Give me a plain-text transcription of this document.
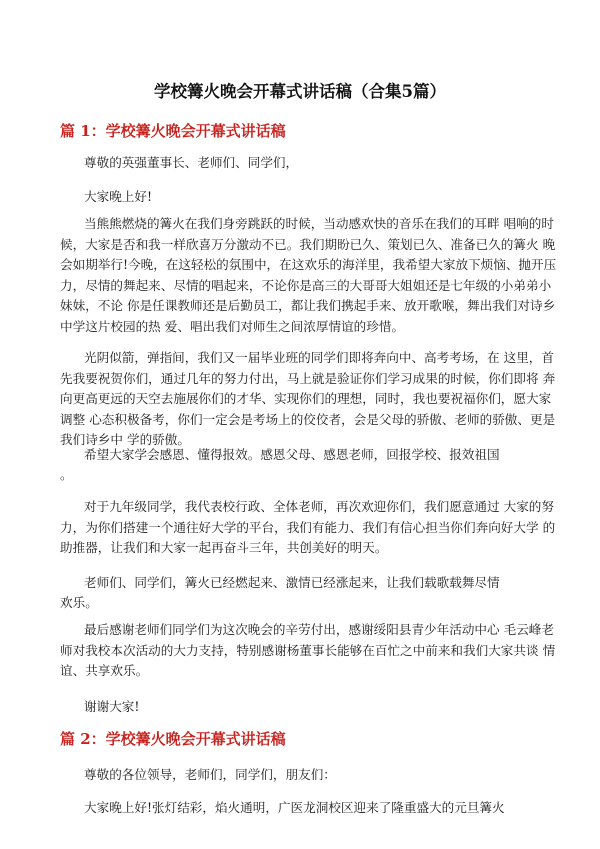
学校篝火晚会开幕式讲话稿（合集5篇）
篇 1：学校篝火晚会开幕式讲话稿
尊敬的英强董事长、老师们、同学们，
大家晚上好!
当熊熊燃烧的篝火在我们身旁跳跃的时候，当动感欢快的音乐在我们的耳畔 唱响的时候，大家是否和我一样欣喜万分激动不已。我们期盼已久、策划已久、准备已久的篝火 晚会如期举行!今晚，在这轻松的氛围中，在这欢乐的海洋里，我希望大家放下烦恼、抛开压力，尽情的舞起来、尽情的唱起来，不论你是高三的大哥哥大姐姐还是七年级的小弟弟小妹妹，不论 你是任课教师还是后勤员工，都让我们携起手来、放开歌喉，舞出我们对诗乡中学这片校园的热 爱、唱出我们对师生之间浓厚情谊的珍惜。
光阴似箭，弹指间，我们又一届毕业班的同学们即将奔向中、高考考场，在 这里，首先我要祝贺你们，通过几年的努力付出，马上就是验证你们学习成果的时候，你们即将 奔向更高更远的天空去施展你们的才华、实现你们的理想，同时，我也要祝福你们，愿大家调整 心态积极备考，你们一定会是考场上的佼佼者，会是父母的骄傲、老师的骄傲、更是我们诗乡中 学的骄傲。
希望大家学会感恩、懂得报效。感恩父母、感恩老师，回报学校、报效祖国
。
对于九年级同学，我代表校行政、全体老师，再次欢迎你们，我们愿意通过 大家的努力，为你们搭建一个通往好大学的平台，我们有能力、我们有信心担当你们奔向好大学 的助推器，让我们和大家一起再奋斗三年，共创美好的明天。
老师们、同学们，篝火已经燃起来、激情已经涨起来，让我们载歌载舞尽情
欢乐。
最后感谢老师们同学们为这次晚会的辛劳付出，感谢绥阳县青少年活动中心 毛云峰老师对我校本次活动的大力支持，特别感谢杨董事长能够在百忙之中前来和我们大家共谈 情谊、共享欢乐。
谢谢大家!
篇 2：学校篝火晚会开幕式讲话稿
尊敬的各位领导，老师们，同学们，朋友们：
大家晚上好!张灯结彩，焰火通明，广医龙洞校区迎来了隆重盛大的元旦篝火
